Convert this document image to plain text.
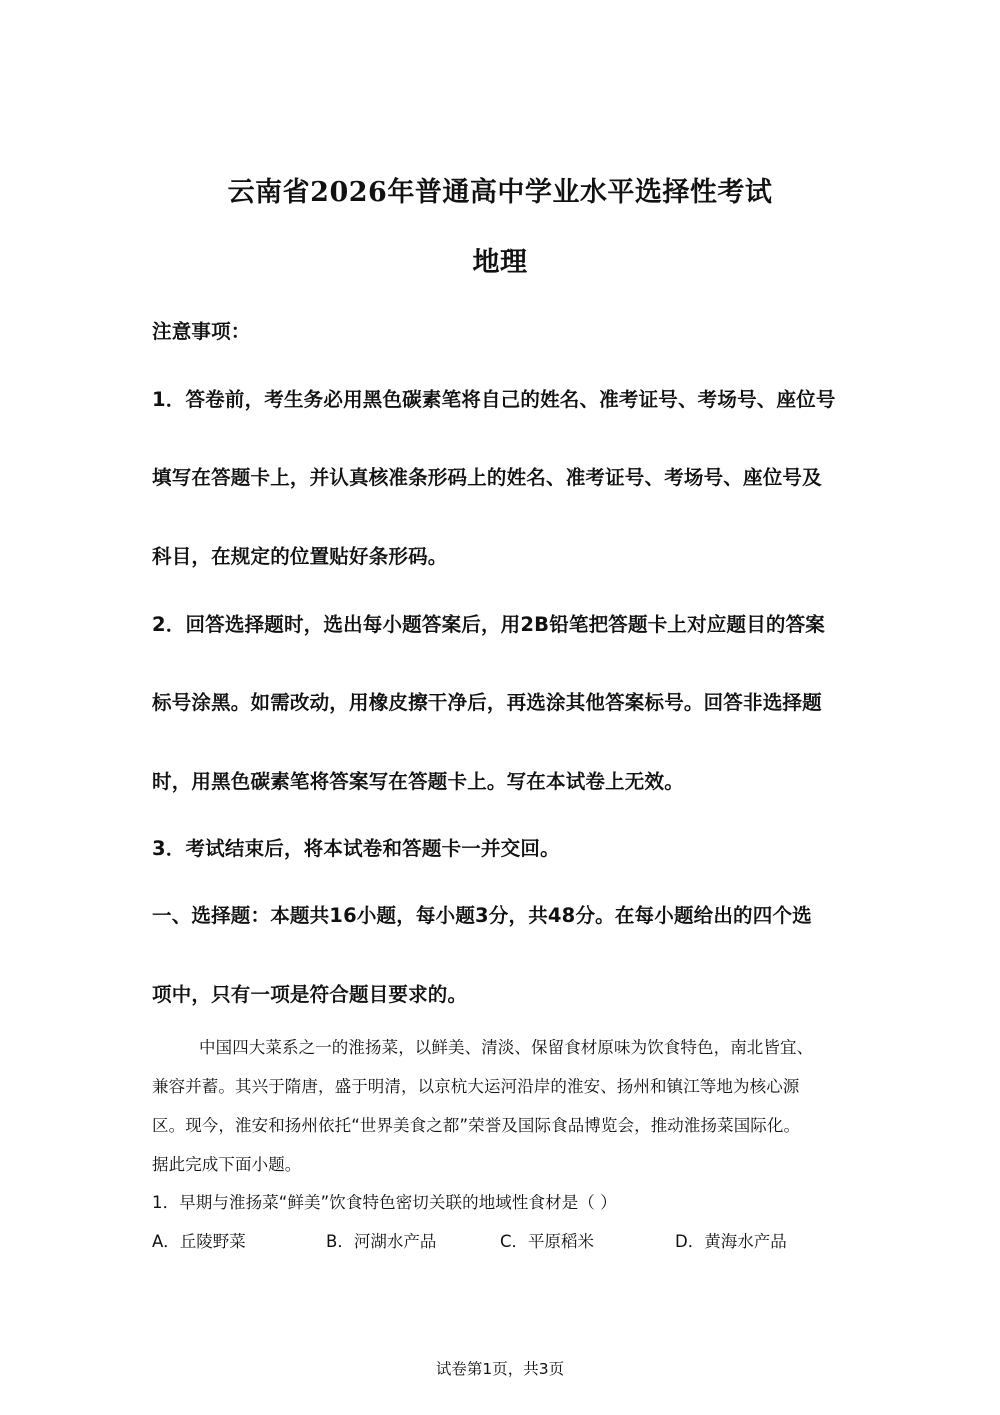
云南省2026年普通高中学业水平选择性考试
地理
注意事项：
1．答卷前，考生务必用黑色碳素笔将自己的姓名、准考证号、考场号、座位号
填写在答题卡上，并认真核准条形码上的姓名、准考证号、考场号、座位号及
科目，在规定的位置贴好条形码。
2．回答选择题时，选出每小题答案后，用2B铅笔把答题卡上对应题目的答案
标号涂黑。如需改动，用橡皮擦干净后，再选涂其他答案标号。回答非选择题
时，用黑色碳素笔将答案写在答题卡上。写在本试卷上无效。
3．考试结束后，将本试卷和答题卡一并交回。
一、选择题：本题共16小题，每小题3分，共48分。在每小题给出的四个选
项中，只有一项是符合题目要求的。
中国四大菜系之一的淮扬菜，以鲜美、清淡、保留食材原味为饮食特色，南北皆宜、
兼容并蓄。其兴于隋唐，盛于明清，以京杭大运河沿岸的淮安、扬州和镇江等地为核心源
区。现今，淮安和扬州依托“世界美食之都”荣誉及国际食品博览会，推动淮扬菜国际化。
据此完成下面小题。
1．早期与淮扬菜“鲜美”饮食特色密切关联的地域性食材是（ ）
A．丘陵野菜	B．河湖水产品	C．平原稻米	D．黄海水产品
试卷第1页，共3页
